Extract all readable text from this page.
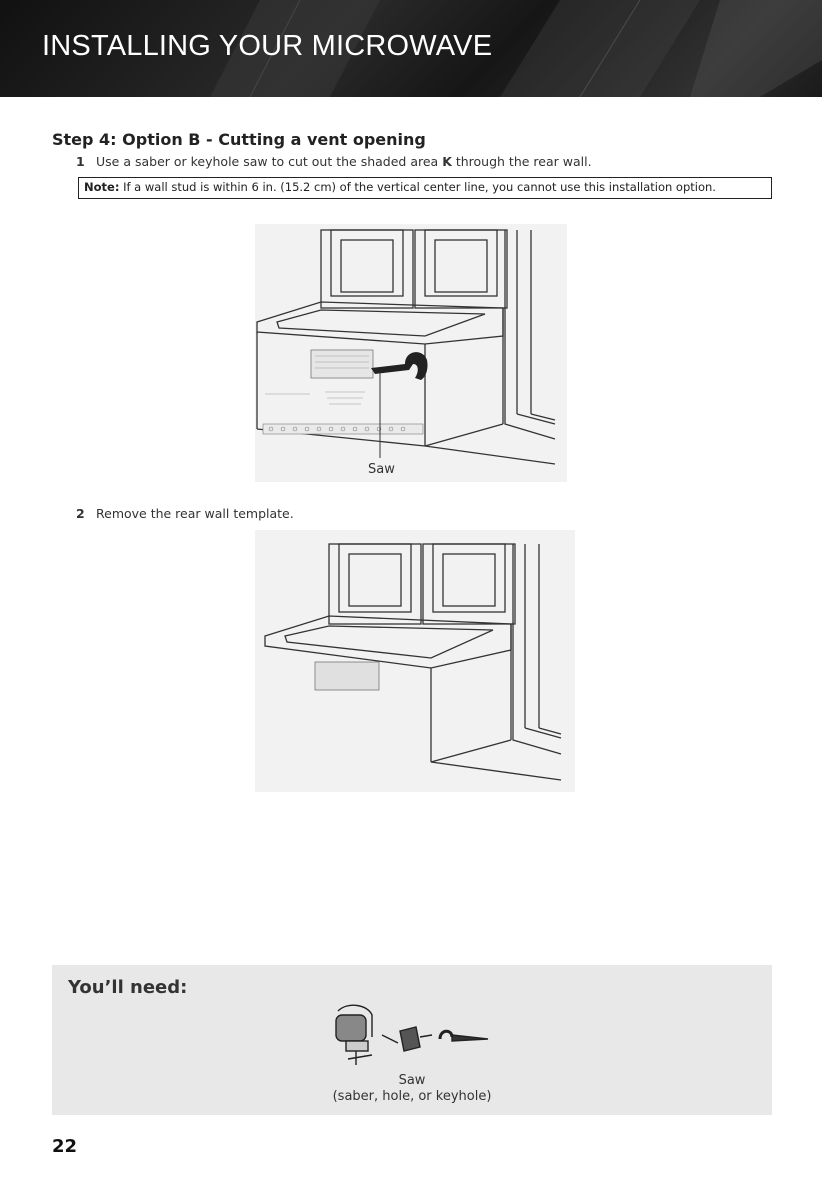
INSTALLING YOUR MICROWAVE
Step 4: Option B - Cutting a vent opening
1 Use a saber or keyhole saw to cut out the shaded area K through the rear wall.
Note: If a wall stud is within 6 in. (15.2 cm) of the vertical center line, you cannot use this installation option.
Saw
2 Remove the rear wall template.
You’ll need:
Saw
(saber, hole, or keyhole)
22
